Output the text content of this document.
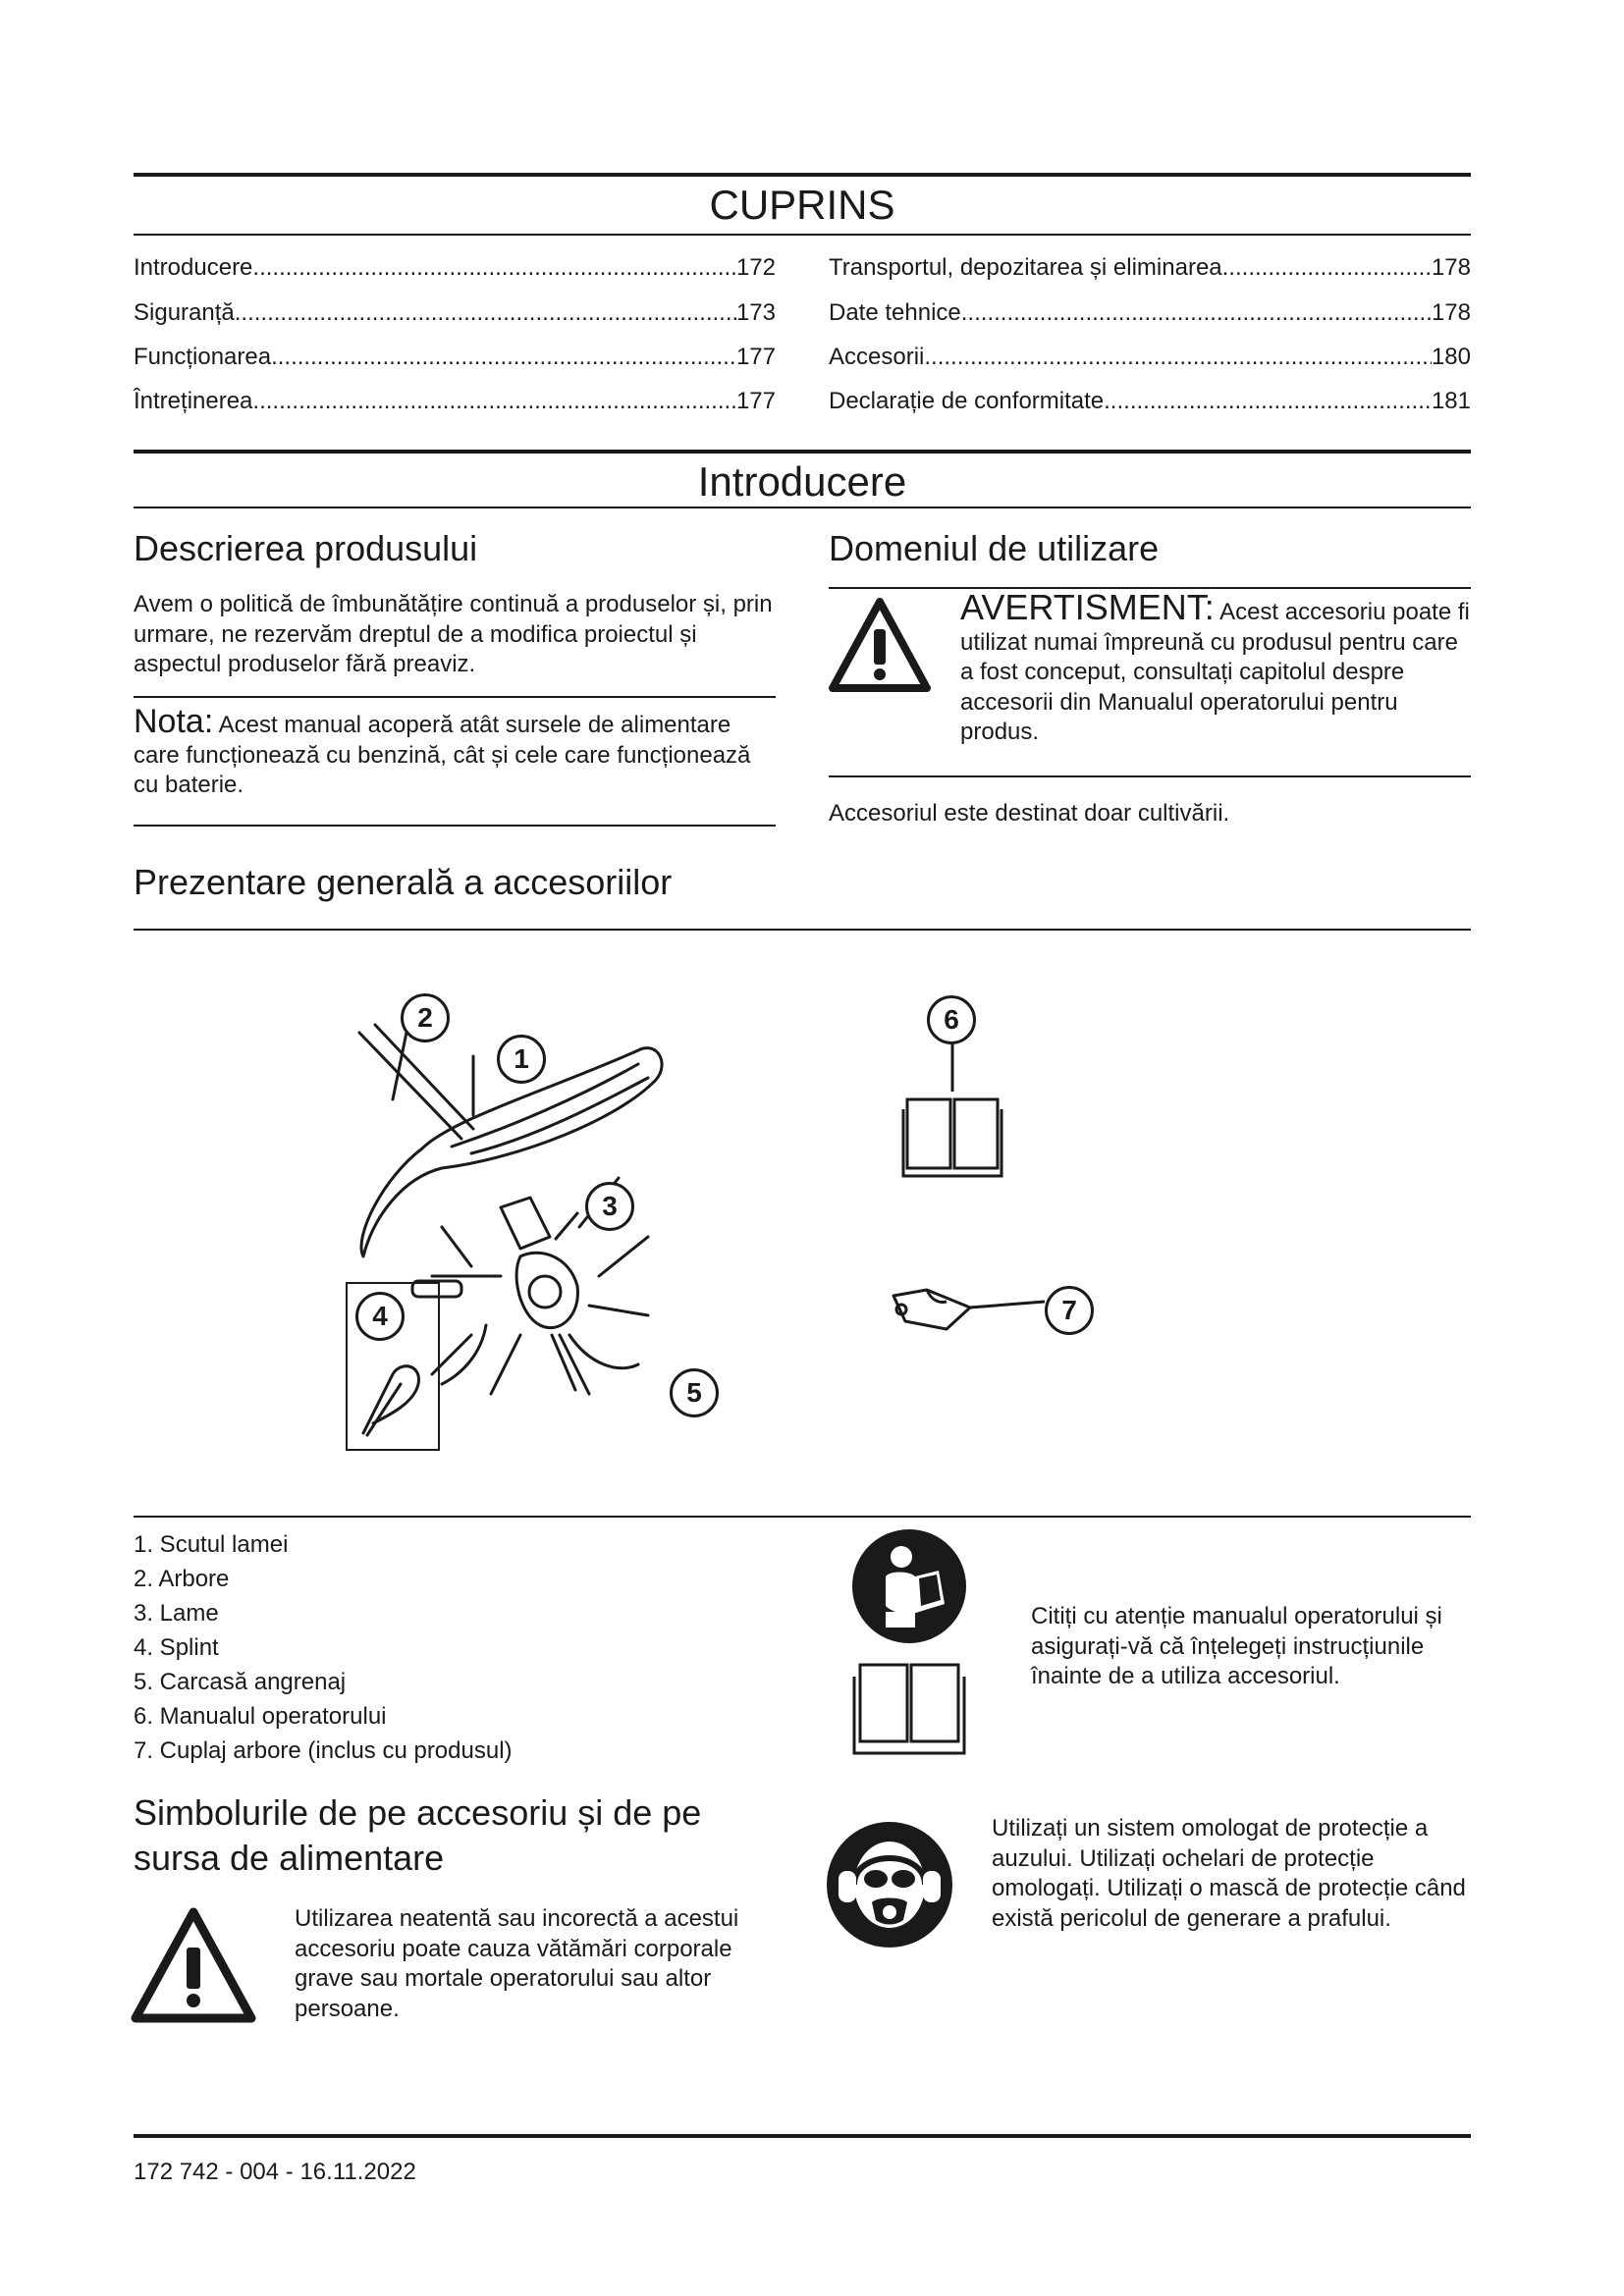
CUPRINS
Introducere .....	172
Siguranță .....	173
Funcționarea .....	177
Întreținerea .....	177
Transportul, depozitarea și eliminarea .....	178
Date tehnice .....	178
Accesorii .....	180
Declarație de conformitate .....	181
Introducere
Descrierea produsului
Avem o politică de îmbunătățire continuă a produselor și, prin urmare, ne rezervăm dreptul de a modifica proiectul și aspectul produselor fără preaviz.
Nota: Acest manual acoperă atât sursele de alimentare care funcționează cu benzină, cât și cele care funcționează cu baterie.
Domeniul de utilizare
AVERTISMENT: Acest accesoriu poate fi utilizat numai împreună cu produsul pentru care a fost conceput, consultați capitolul despre accesorii din Manualul operatorului pentru produs.
Accesoriul este destinat doar cultivării.
Prezentare generală a accesoriilor
2
1
3
4
5
6
7
1. Scutul lamei
2. Arbore
3. Lame
4. Splint
5. Carcasă angrenaj
6. Manualul operatorului
7. Cuplaj arbore (inclus cu produsul)
Simbolurile de pe accesoriu și de pe sursa de alimentare
Utilizarea neatentă sau incorectă a acestui accesoriu poate cauza vătămări corporale grave sau mortale operatorului sau altor persoane.
Citiți cu atenție manualul operatorului și asigurați-vă că înțelegeți instrucțiunile înainte de a utiliza accesoriul.
Utilizați un sistem omologat de protecție a auzului. Utilizați ochelari de protecție omologați. Utilizați o mască de protecție când există pericolul de generare a prafului.
172 742 - 004 - 16.11.2022
